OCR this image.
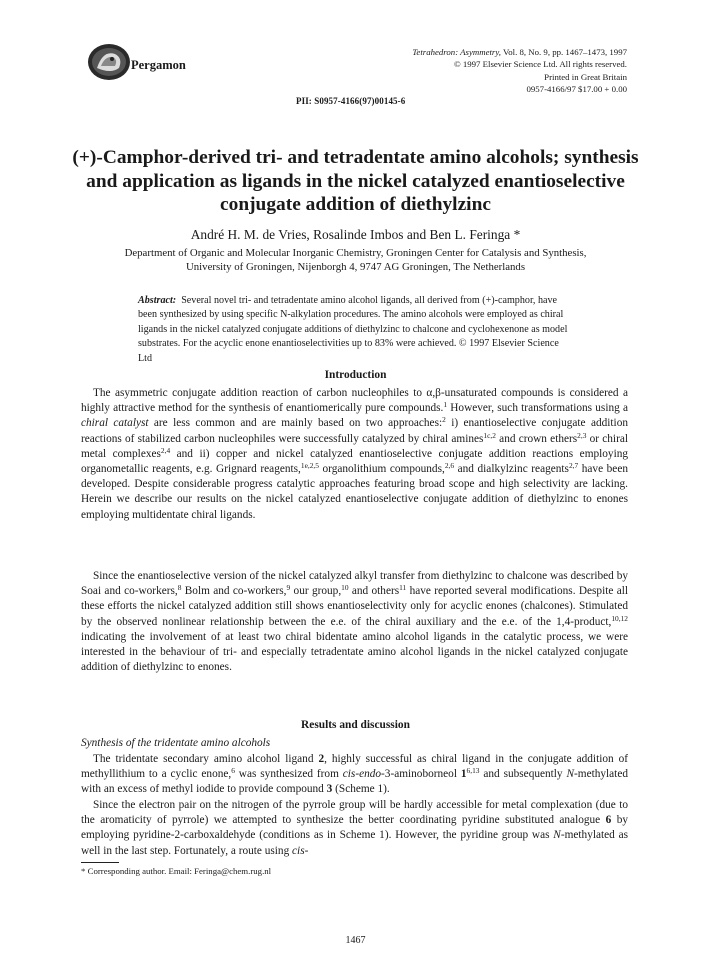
Pergamon
Tetrahedron: Asymmetry, Vol. 8, No. 9, pp. 1467–1473, 1997
© 1997 Elsevier Science Ltd. All rights reserved.
Printed in Great Britain
0957-4166/97 $17.00 + 0.00
PII: S0957-4166(97)00145-6
(+)-Camphor-derived tri- and tetradentate amino alcohols; synthesis
and application as ligands in the nickel catalyzed enantioselective
conjugate addition of diethylzinc
André H. M. de Vries, Rosalinde Imbos and Ben L. Feringa *
Department of Organic and Molecular Inorganic Chemistry, Groningen Center for Catalysis and Synthesis,
University of Groningen, Nijenborgh 4, 9747 AG Groningen, The Netherlands
Abstract: Several novel tri- and tetradentate amino alcohol ligands, all derived from (+)-camphor, have been synthesized by using specific N-alkylation procedures. The amino alcohols were employed as chiral ligands in the nickel catalyzed conjugate additions of diethylzinc to chalcone and cyclohexenone as model substrates. For the acyclic enone enantioselectivities up to 83% were achieved. © 1997 Elsevier Science Ltd
Introduction

The asymmetric conjugate addition reaction of carbon nucleophiles to α,β-unsaturated compounds is considered a highly attractive method for the synthesis of enantiomerically pure compounds.$^1$ However, such transformations using a chiral catalyst are less common and are mainly based on two approaches:$^2$ i) enantioselective conjugate addition reactions of stabilized carbon nucleophiles were successfully catalyzed by chiral amines$^{1c,2}$ and crown ethers$^{2,3}$ or chiral metal complexes$^{2,4}$ and ii) copper and nickel catalyzed enantioselective conjugate addition reactions employing organometallic reagents, e.g. Grignard reagents,$^{1e,2,5}$ organolithium compounds,$^{2,6}$ and dialkylzinc reagents$^{2,7}$ have been developed. Despite considerable progress catalytic approaches featuring broad scope and high selectivity are lacking. Herein we describe our results on the nickel catalyzed enantioselective conjugate addition of diethylzinc to enones employing multidentate chiral ligands.

Since the enantioselective version of the nickel catalyzed alkyl transfer from diethylzinc to chalcone was described by Soai and co-workers,$^8$ Bolm and co-workers,$^9$ our group,$^{10}$ and others$^{11}$ have reported several modifications. Despite all these efforts the nickel catalyzed addition still shows enantioselectivity only for acyclic enones (chalcones). Stimulated by the observed nonlinear relationship between the e.e. of the chiral auxiliary and the e.e. of the 1,4-product,$^{10,12}$ indicating the involvement of at least two chiral bidentate amino alcohol ligands in the catalytic process, we were interested in the behaviour of tri- and especially tetradentate amino alcohol ligands in the nickel catalyzed conjugate addition of diethylzinc to enones.

Results and discussion
Synthesis of the tridentate amino alcohols

The tridentate secondary amino alcohol ligand 2, highly successful as chiral ligand in the conjugate addition of methyllithium to a cyclic enone,$^6$ was synthesized from cis-endo-3-aminoborneol 1$^{6,13}$ and subsequently N-methylated with an excess of methyl iodide to provide compound 3 (Scheme 1).

Since the electron pair on the nitrogen of the pyrrole group will be hardly accessible for metal complexation (due to the aromaticity of pyrrole) we attempted to synthesize the better coordinating pyridine substituted analogue 6 by employing pyridine-2-carboxaldehyde (conditions as in Scheme 1). However, the pyridine group was N-methylated as well in the last step. Fortunately, a route using cis-

* Corresponding author. Email: Feringa@chem.rug.nl
1467
